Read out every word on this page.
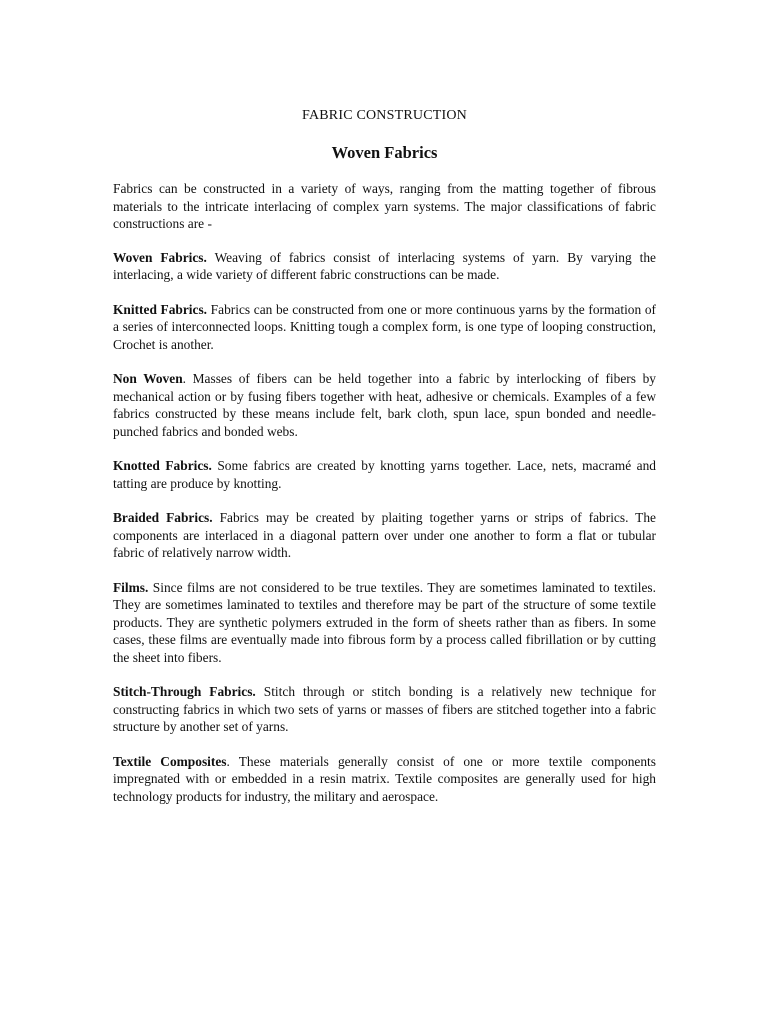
FABRIC CONSTRUCTION
Woven Fabrics

Fabrics can be constructed in a variety of ways, ranging from the matting together of fibrous materials to the intricate interlacing of complex yarn systems. The major classifications of fabric constructions are -

Woven Fabrics. Weaving of fabrics consist of interlacing systems of yarn. By varying the interlacing, a wide variety of different fabric constructions can be made.

Knitted Fabrics. Fabrics can be constructed from one or more continuous yarns by the formation of a series of interconnected loops. Knitting tough a complex form, is one type of looping construction, Crochet is another.

Non Woven. Masses of fibers can be held together into a fabric by interlocking of fibers by mechanical action or by fusing fibers together with heat, adhesive or chemicals. Examples of a few fabrics constructed by these means include felt, bark cloth, spun lace, spun bonded and needle-punched fabrics and bonded webs.

Knotted Fabrics. Some fabrics are created by knotting yarns together. Lace, nets, macramé and tatting are produce by knotting.

Braided Fabrics. Fabrics may be created by plaiting together yarns or strips of fabrics. The components are interlaced in a diagonal pattern over under one another to form a flat or tubular fabric of relatively narrow width.

Films. Since films are not considered to be true textiles. They are sometimes laminated to textiles. They are sometimes laminated to textiles and therefore may be part of the structure of some textile products. They are synthetic polymers extruded in the form of sheets rather than as fibers. In some cases, these films are eventually made into fibrous form by a process called fibrillation or by cutting the sheet into fibers.

Stitch-Through Fabrics. Stitch through or stitch bonding is a relatively new technique for constructing fabrics in which two sets of yarns or masses of fibers are stitched together into a fabric structure by another set of yarns.

Textile Composites. These materials generally consist of one or more textile components impregnated with or embedded in a resin matrix. Textile composites are generally used for high technology products for industry, the military and aerospace.
